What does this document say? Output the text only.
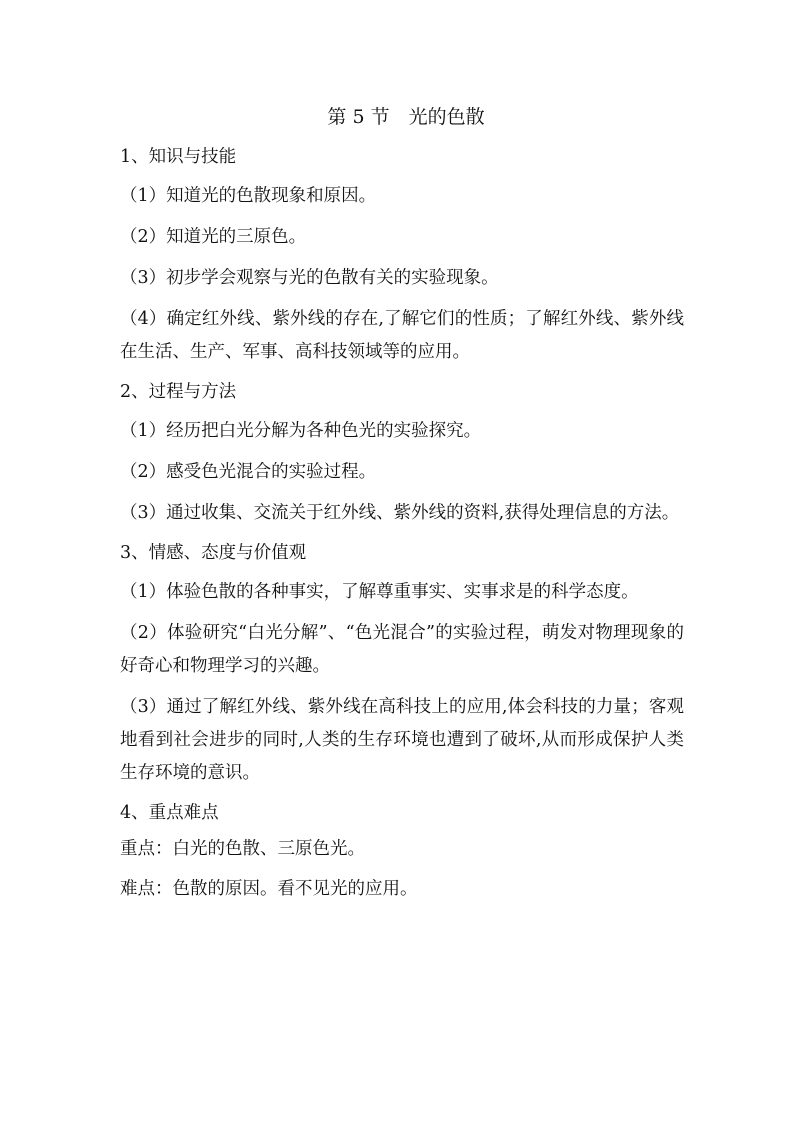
第 5 节　光的色散
1、知识与技能

（1）知道光的色散现象和原因。

（2）知道光的三原色。

（3）初步学会观察与光的色散有关的实验现象。

（4）确定红外线、紫外线的存在,了解它们的性质；了解红外线、紫外线在生活、生产、军事、高科技领域等的应用。

2、过程与方法

（1）经历把白光分解为各种色光的实验探究。

（2）感受色光混合的实验过程。

（3）通过收集、交流关于红外线、紫外线的资料,获得处理信息的方法。

3、情感、态度与价值观

（1）体验色散的各种事实，了解尊重事实、实事求是的科学态度。

（2）体验研究“白光分解”、“色光混合”的实验过程，萌发对物理现象的好奇心和物理学习的兴趣。

（3）通过了解红外线、紫外线在高科技上的应用,体会科技的力量；客观地看到社会进步的同时,人类的生存环境也遭到了破坏,从而形成保护人类生存环境的意识。

4、重点难点

重点：白光的色散、三原色光。

难点：色散的原因。看不见光的应用。
